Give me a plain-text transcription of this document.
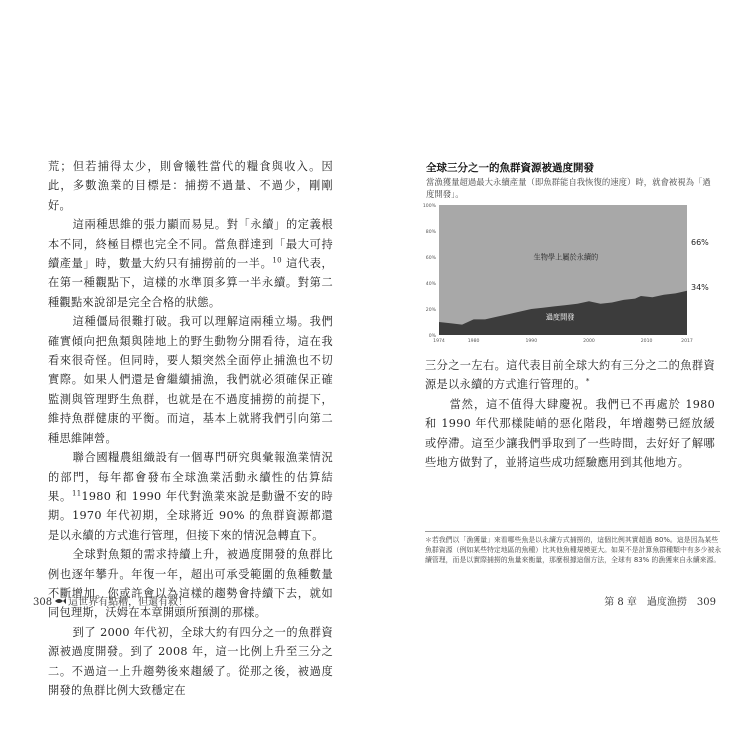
荒；但若捕得太少，則會犧牲當代的糧食與收入。因此，多數漁業的目標是：捕撈不過量、不過少，剛剛好。

這兩種思維的張力顯而易見。對「永續」的定義根本不同，終極目標也完全不同。當魚群達到「最大可持續產量」時，數量大約只有捕撈前的一半。$^{10}$ 這代表，在第一種觀點下，這樣的水準頂多算一半永續。對第二種觀點來說卻是完全合格的狀態。

這種僵局很難打破。我可以理解這兩種立場。我們確實傾向把魚類與陸地上的野生動物分開看待，這在我看來很奇怪。但同時，要人類突然全面停止捕漁也不切實際。如果人們還是會繼續捕漁，我們就必須確保正確監測與管理野生魚群，也就是在不過度捕撈的前提下，維持魚群健康的平衡。而這，基本上就將我們引向第二種思維陣營。

聯合國糧農組織設有一個專門研究與彙報漁業情況的部門，每年都會發布全球漁業活動永續性的估算結果。$^{11}$1980 和 1990 年代對漁業來說是動盪不安的時期。1970 年代初期，全球將近 90% 的魚群資源都還是以永續的方式進行管理，但接下來的情況急轉直下。

全球對魚類的需求持續上升，被過度開發的魚群比例也逐年攀升。年復一年，超出可承受範圍的魚種數量不斷增加。你或許會以為這樣的趨勢會持續下去，就如同包理斯，沃姆在本章開頭所預測的那樣。

到了 2000 年代初，全球大約有四分之一的魚群資源被過度開發。到了 2008 年，這一比例上升至三分之二。不過這一上升趨勢後來趨緩了。從那之後，被過度開發的魚群比例大致穩定在

308 這世界有點糟，但還有救！
全球三分之一的魚群資源被過度開發
當漁獲量超過最大永續產量（即魚群能自我恢復的速度）時，就會被視為「過度開發」。
0%
20%
40%
60%
80%
100%
1974	1980	1990	2000	2010	2017
生物學上屬於永續的
過度開發
66%
34%

三分之一左右。這代表目前全球大約有三分之二的魚群資源是以永續的方式進行管理的。*

當然，這不值得大肆慶祝。我們已不再處於 1980 和 1990 年代那樣陡峭的惡化階段，年增趨勢已經放緩或停滯。這至少讓我們爭取到了一些時間，去好好了解哪些地方做對了，並將這些成功經驗應用到其他地方。

＊若我們以「漁獲量」來看哪些魚是以永續方式捕撈的，這個比例其實超過 80%。這是因為某些魚群資源（例如某些特定地區的魚種）比其他魚種規模更大。如果不是計算魚群種類中有多少被永續管理，而是以實際捕撈的魚量來衡量，那麼根據這個方法，全球有 83% 的漁獲來自永續來源。
第 8 章　過度漁撈　309
